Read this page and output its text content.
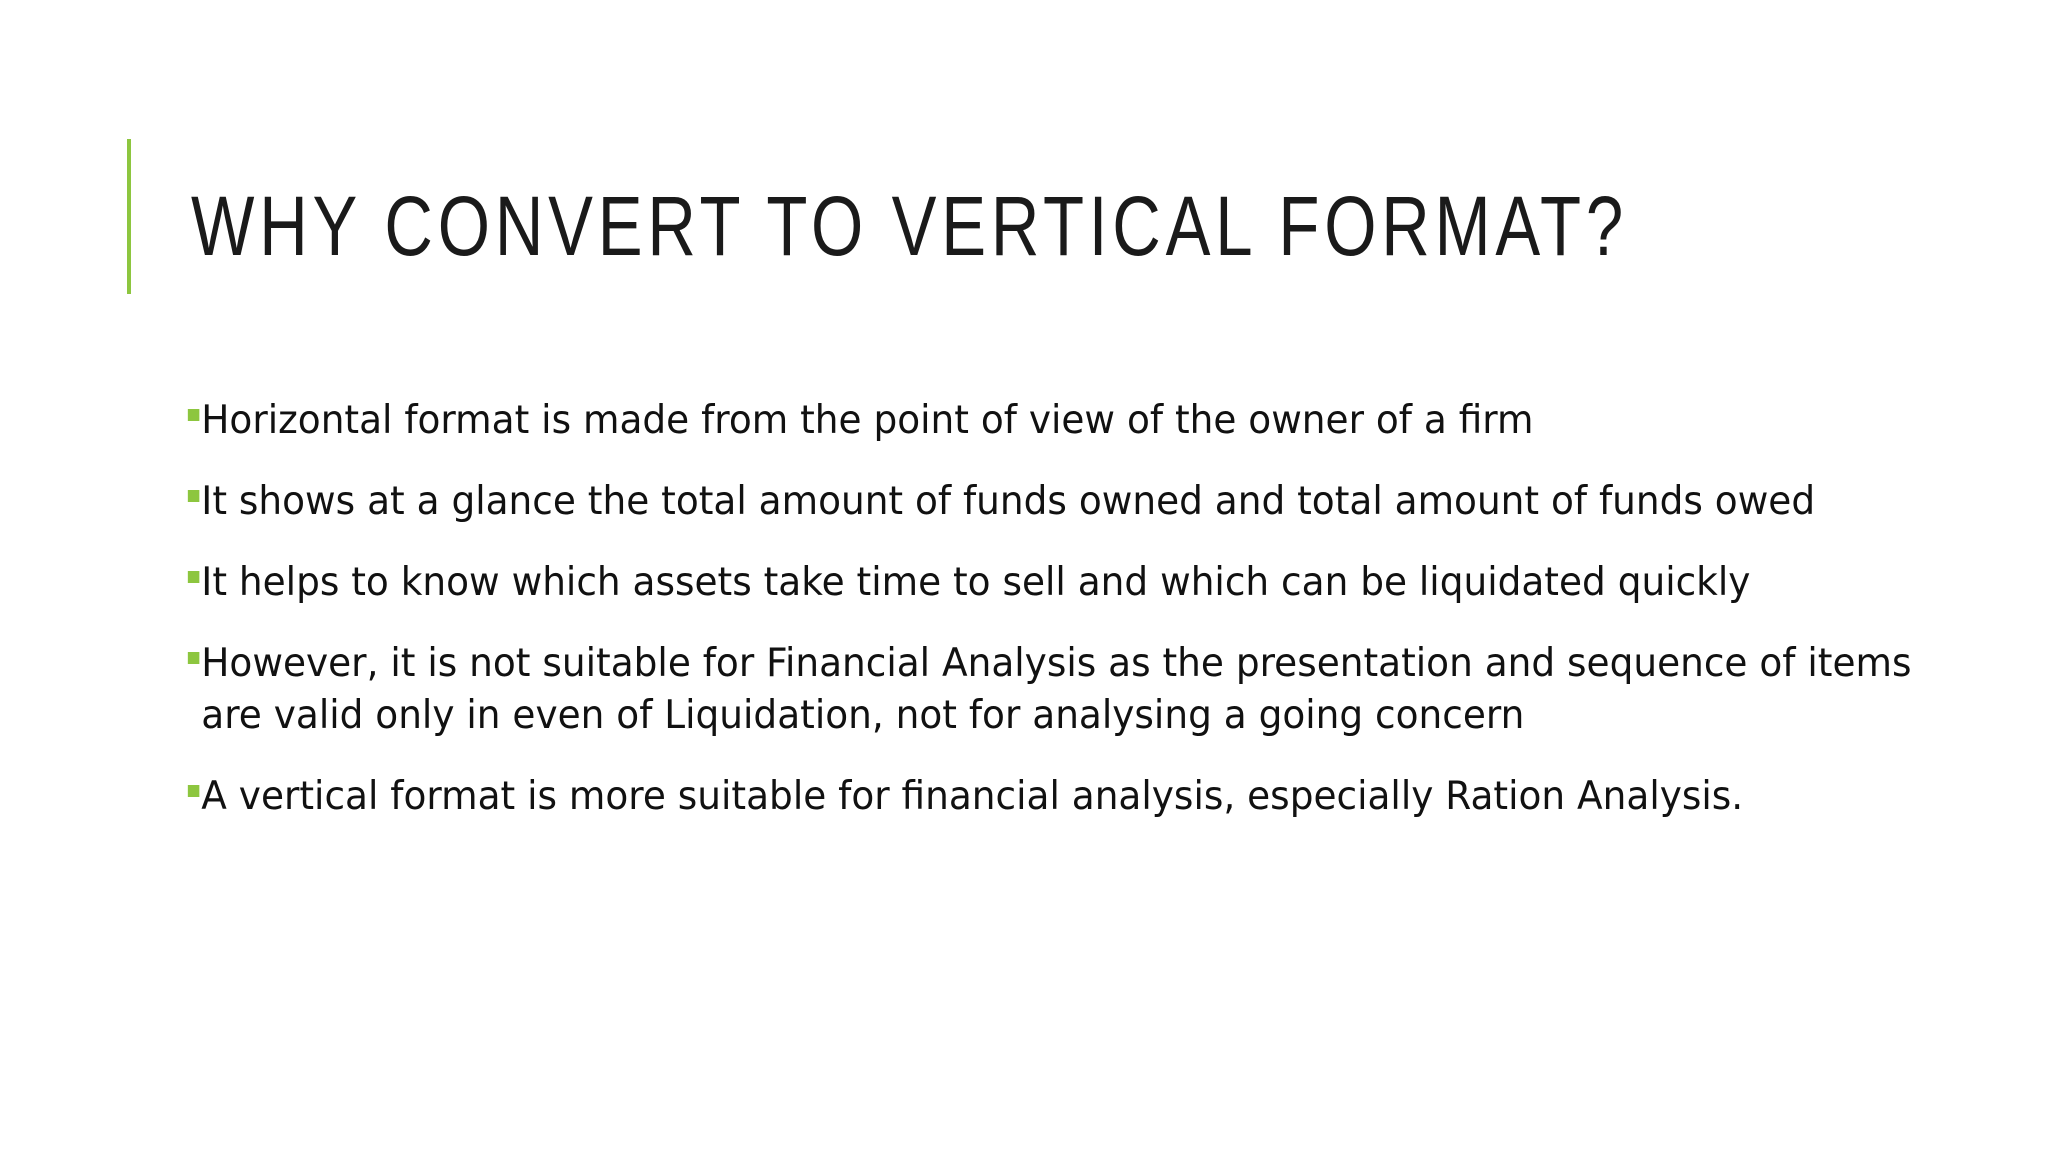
WHY CONVERT TO VERTICAL FORMAT?
Horizontal format is made from the point of view of the owner of a firm
It shows at a glance the total amount of funds owned and total amount of funds owed
It helps to know which assets take time to sell and which can be liquidated quickly
However, it is not suitable for Financial Analysis as the presentation and sequence of items are valid only in even of Liquidation, not for analysing a going concern
A vertical format is more suitable for financial analysis, especially Ration Analysis.
